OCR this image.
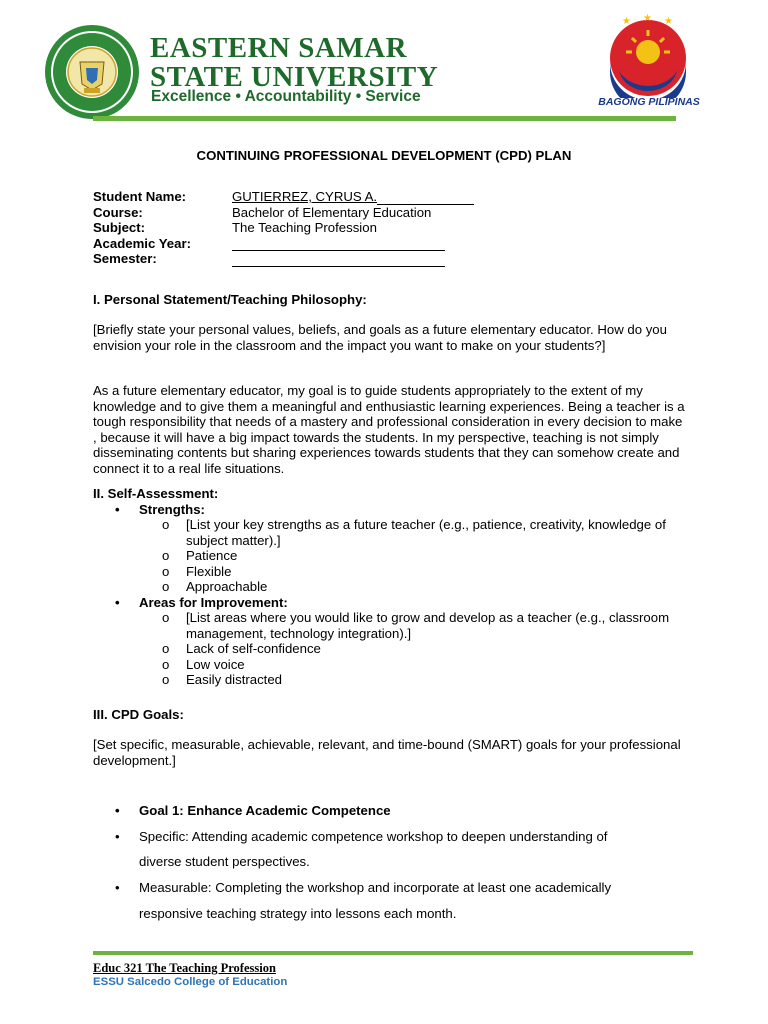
EASTERN SAMAR
STATE UNIVERSITY
Excellence • Accountability • Service
★ ★ ★
BAGONG PILIPINAS
CONTINUING PROFESSIONAL DEVELOPMENT (CPD) PLAN
Student Name:	GUTIERREZ, CYRUS A.
Course:	Bachelor of Elementary Education
Subject:	The Teaching Profession
Academic Year:
Semester:
I. Personal Statement/Teaching Philosophy:
[Briefly state your personal values, beliefs, and goals as a future elementary educator. How do you envision your role in the classroom and the impact you want to make on your students?]
As a future elementary educator, my goal is to guide students appropriately to the extent of my knowledge and to give them a meaningful and enthusiastic learning experiences. Being a teacher is a tough responsibility that needs of a mastery and professional consideration in every decision to make , because it will have a big impact towards the students. In my perspective, teaching is not simply disseminating contents but sharing experiences towards students that they can somehow create and connect it to a real life situations.
II. Self-Assessment:
• Strengths:
o [List your key strengths as a future teacher (e.g., patience, creativity, knowledge of subject matter).]
o Patience
o Flexible
o Approachable
• Areas for Improvement:
o [List areas where you would like to grow and develop as a teacher (e.g., classroom management, technology integration).]
o Lack of self-confidence
o Low voice
o Easily distracted
III. CPD Goals:
[Set specific, measurable, achievable, relevant, and time-bound (SMART) goals for your professional development.]
• Goal 1: Enhance Academic Competence
• Specific: Attending academic competence workshop to deepen understanding of
diverse student perspectives.
• Measurable: Completing the workshop and incorporate at least one academically
responsive teaching strategy into lessons each month.
Educ 321 The Teaching Profession
ESSU Salcedo College of Education
